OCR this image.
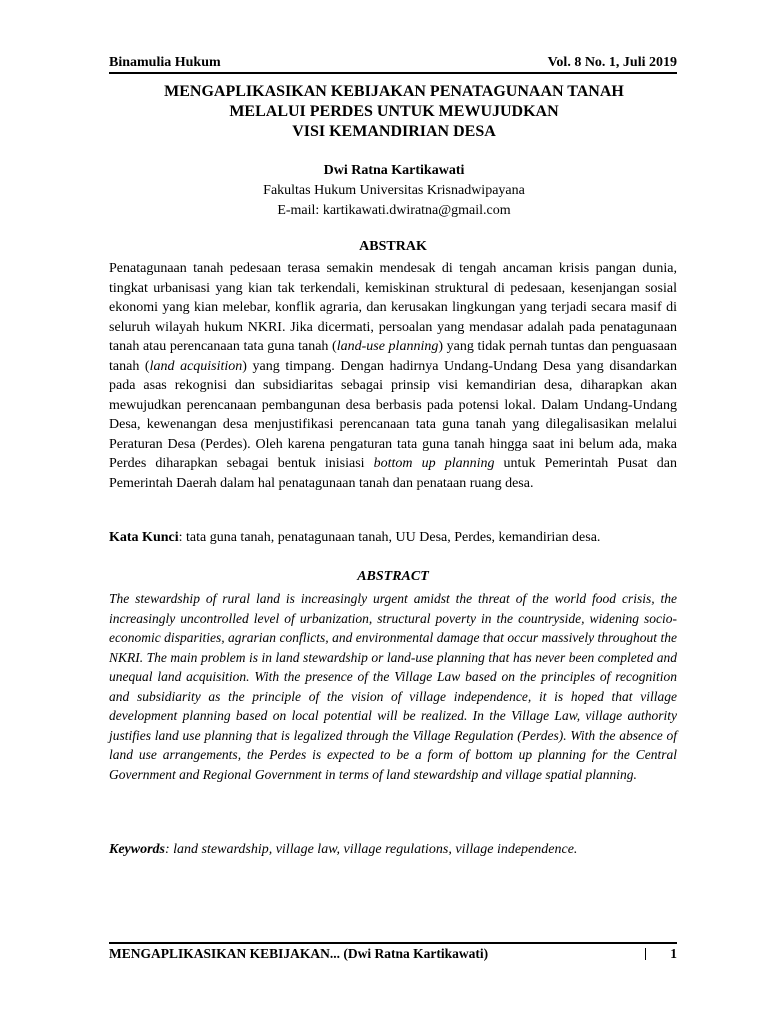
Binamulia Hukum	Vol. 8 No. 1, Juli 2019
MENGAPLIKASIKAN KEBIJAKAN PENATAGUNAAN TANAH
MELALUI PERDES UNTUK MEWUJUDKAN
VISI KEMANDIRIAN DESA
Dwi Ratna Kartikawati
Fakultas Hukum Universitas Krisnadwipayana
E-mail: kartikawati.dwiratna@gmail.com
ABSTRAK

Penatagunaan tanah pedesaan terasa semakin mendesak di tengah ancaman krisis pangan dunia, tingkat urbanisasi yang kian tak terkendali, kemiskinan struktural di pedesaan, kesenjangan sosial ekonomi yang kian melebar, konflik agraria, dan kerusakan lingkungan yang terjadi secara masif di seluruh wilayah hukum NKRI. Jika dicermati, persoalan yang mendasar adalah pada penatagunaan tanah atau perencanaan tata guna tanah (land-use planning) yang tidak pernah tuntas dan penguasaan tanah (land acquisition) yang timpang. Dengan hadirnya Undang-Undang Desa yang disandarkan pada asas rekognisi dan subsidiaritas sebagai prinsip visi kemandirian desa, diharapkan akan mewujudkan perencanaan pembangunan desa berbasis pada potensi lokal. Dalam Undang-Undang Desa, kewenangan desa menjustifikasi perencanaan tata guna tanah yang dilegalisasikan melalui Peraturan Desa (Perdes). Oleh karena pengaturan tata guna tanah hingga saat ini belum ada, maka Perdes diharapkan sebagai bentuk inisiasi bottom up planning untuk Pemerintah Pusat dan Pemerintah Daerah dalam hal penatagunaan tanah dan penataan ruang desa.

Kata Kunci: tata guna tanah, penatagunaan tanah, UU Desa, Perdes, kemandirian desa.
ABSTRACT

The stewardship of rural land is increasingly urgent amidst the threat of the world food crisis, the increasingly uncontrolled level of urbanization, structural poverty in the countryside, widening socio-economic disparities, agrarian conflicts, and environmental damage that occur massively throughout the NKRI. The main problem is in land stewardship or land-use planning that has never been completed and unequal land acquisition. With the presence of the Village Law based on the principles of recognition and subsidiarity as the principle of the vision of village independence, it is hoped that village development planning based on local potential will be realized. In the Village Law, village authority justifies land use planning that is legalized through the Village Regulation (Perdes). With the absence of land use arrangements, the Perdes is expected to be a form of bottom up planning for the Central Government and Regional Government in terms of land stewardship and village spatial planning.

Keywords: land stewardship, village law, village regulations, village independence.
MENGAPLIKASIKAN KEBIJAKAN... (Dwi Ratna Kartikawati)	1
